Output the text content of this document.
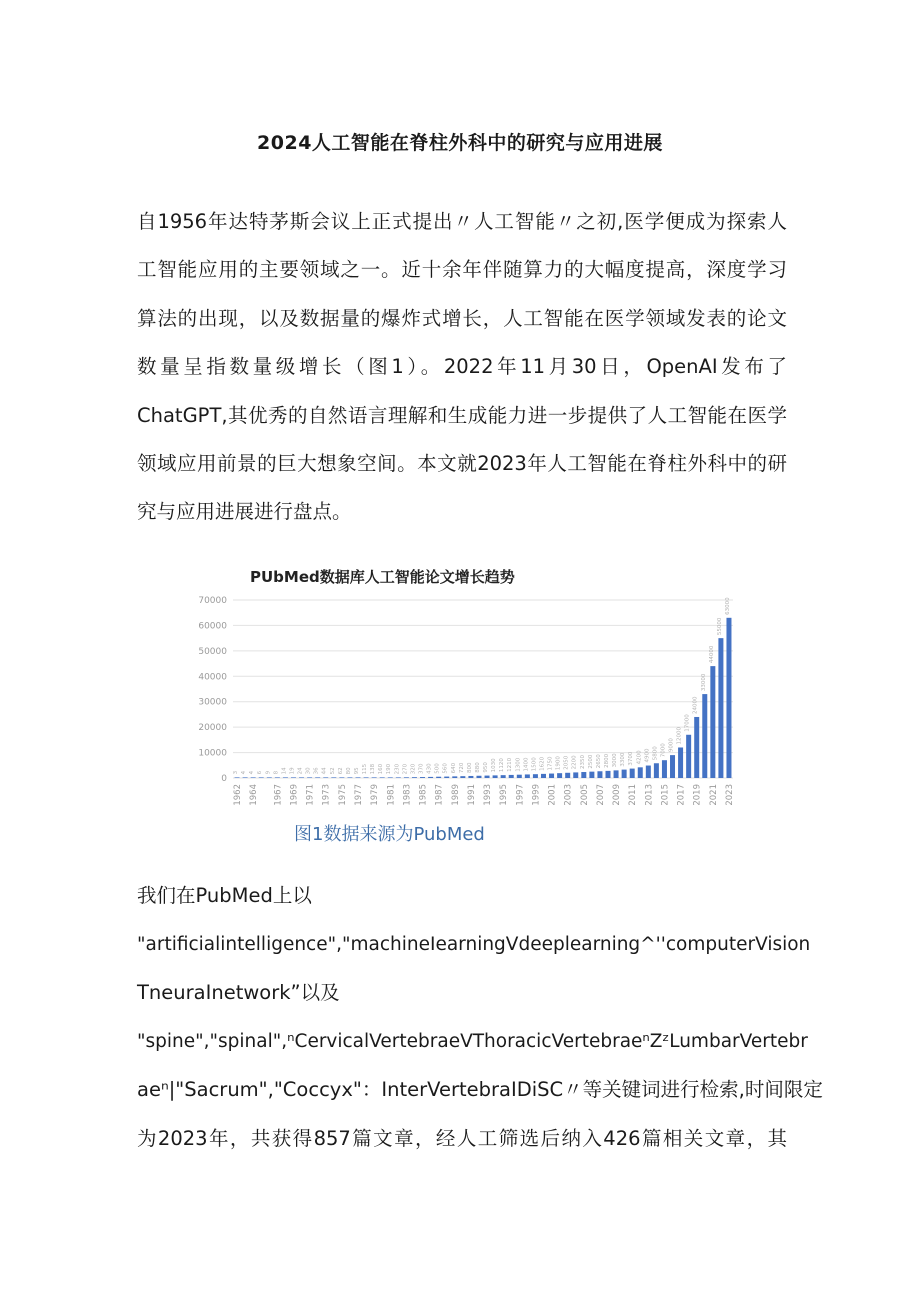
2024人工智能在脊柱外科中的研究与应用进展
自1956年达特茅斯会议上正式提出〃人工智能〃之初,医学便成为探索人
工智能应用的主要领域之一。近十余年伴随算力的大幅度提高，深度学习
算法的出现，以及数据量的爆炸式增长，人工智能在医学领域发表的论文
数量呈指数量级增长（图1）。2022年11月30日，OpenAI发布了
ChatGPT,其优秀的自然语言理解和生成能力进一步提供了人工智能在医学
领域应用前景的巨大想象空间。本文就2023年人工智能在脊柱外科中的研
究与应用进展进行盘点。
PUbMed数据库人工智能论文增长趋势
0
10000
20000
30000
40000
50000
60000
70000
3 4 4 6 9 8 14 19 24 30 36 44 52 62 80 95 115 138 160 190 230 270 320 370 430 500 560 640 720 800 880 950 1030 1120 1210 1300 1400 1500 1620 1750 1900 2050 2200 2350 2500 2650 2800 3000 3300 3700 4200 4900 5800 7000 9000
12000
17000
24000
33000
44000
55000
63000
1962 1964 1967 1969 1971 1973 1975 1977 1979 1981 1983 1985 1987 1989 1991 1993 1995 1997 1999 2001 2003 2005 2007 2009 2011 2013 2015 2017 2019 2021 2023
图1数据来源为PubMed
我们在PubMed上以
"artificialintelligence","machineIearningVdeeplearning^''computerVision
TneuraInetwork”以及
"spine","spinal",ⁿCervicalVertebraeVThoracicVertebraeⁿZᶻLumbarVertebr
aeⁿ|"Sacrum","Coccyx"：InterVertebraIDiSC〃等关键词进行检索,时间限定
为2023年，共获得857篇文章，经人工筛选后纳入426篇相关文章，其
